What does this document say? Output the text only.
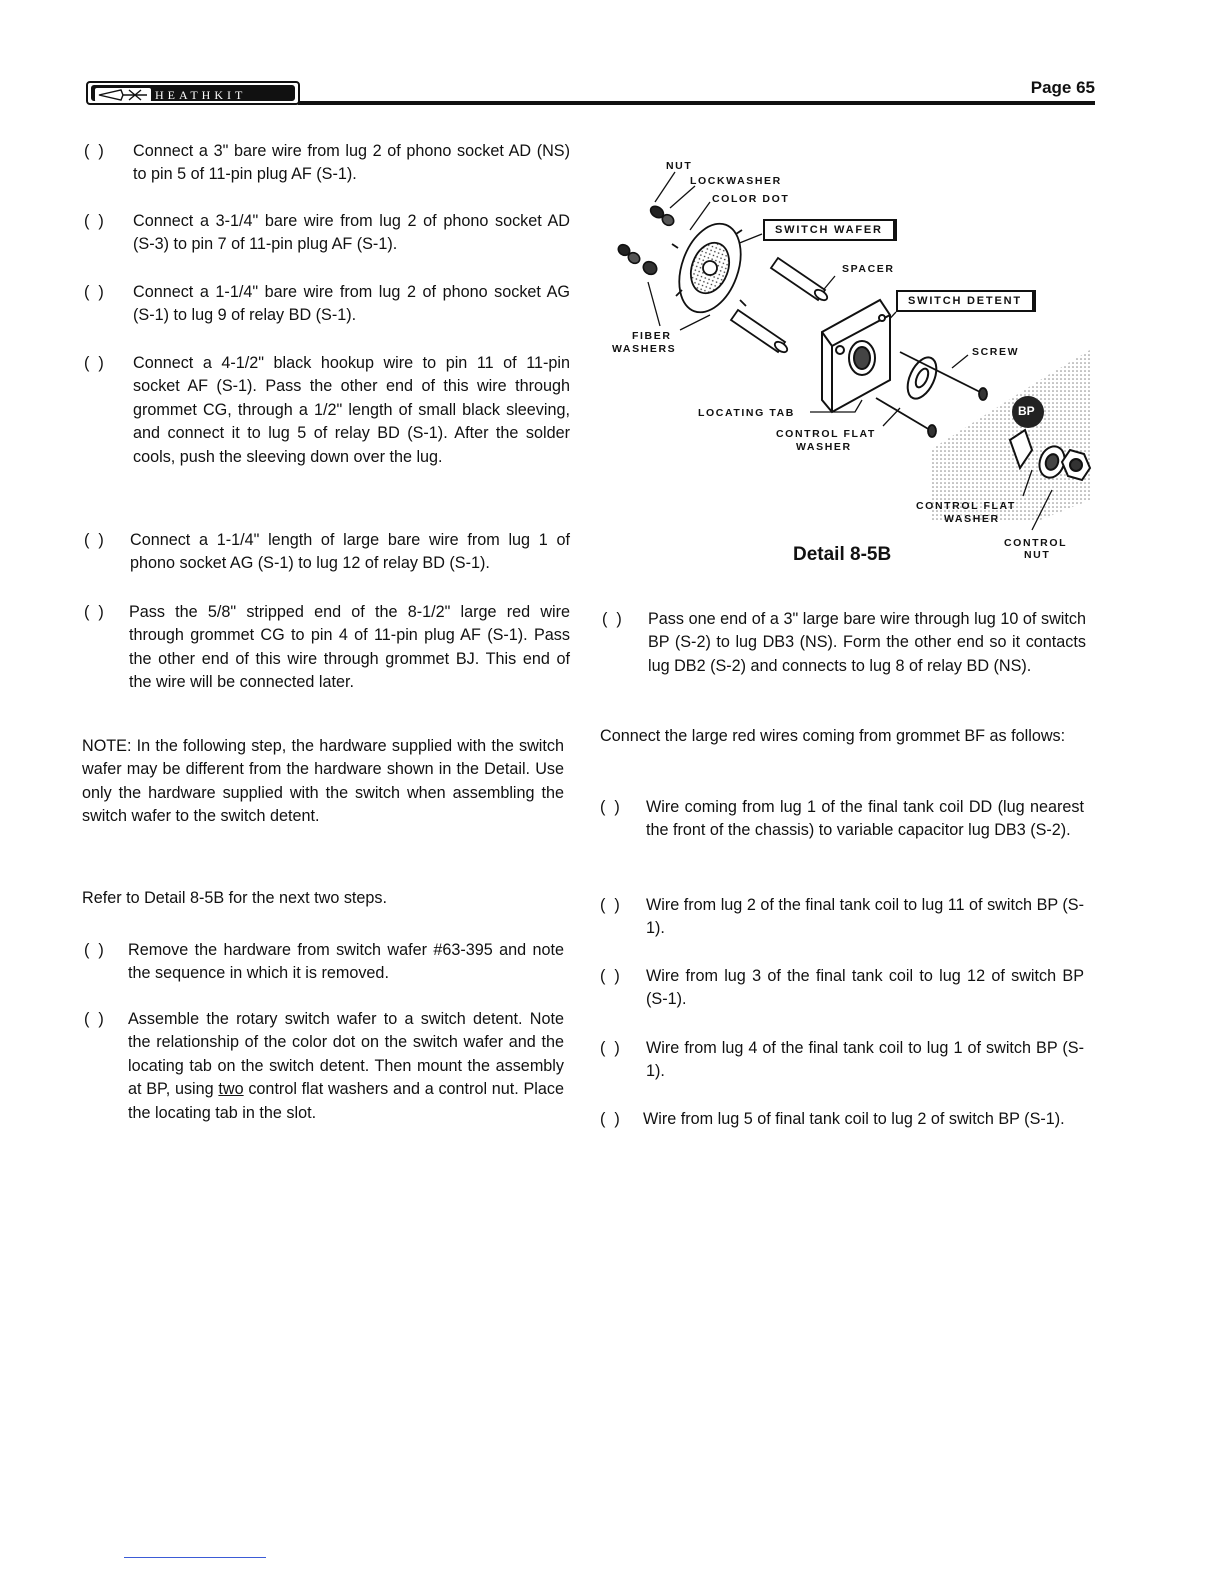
HEATHKIT	Page 65
(  )	Connect a 3" bare wire from lug 2 of phono socket AD (NS) to pin 5 of 11-pin plug AF (S-1).
(  )	Connect a 3-1/4" bare wire from lug 2 of phono socket AD (S-3) to pin 7 of 11-pin plug AF (S-1).
(  )	Connect a 1-1/4" bare wire from lug 2 of phono socket AG (S-1) to lug 9 of relay BD (S-1).
(  )	Connect a 4-1/2" black hookup wire to pin 11 of 11-pin socket AF (S-1). Pass the other end of this wire through grommet CG, through a 1/2" length of small black sleeving, and connect it to lug 5 of relay BD (S-1). After the solder cools, push the sleeving down over the lug.
(  )	Connect a 1-1/4" length of large bare wire from lug 1 of phono socket AG (S-1) to lug 12 of relay BD (S-1).
(  )	Pass the 5/8" stripped end of the 8-1/2" large red wire through grommet CG to pin 4 of 11-pin plug AF (S-1). Pass the other end of this wire through grommet BJ. This end of the wire will be connected later.
NOTE: In the following step, the hardware supplied with the switch wafer may be different from the hardware shown in the Detail. Use only the hardware supplied with the switch when assembling the switch wafer to the switch detent.
Refer to Detail 8-5B for the next two steps.
(  )	Remove the hardware from switch wafer #63-395 and note the sequence in which it is removed.
(  )	Assemble the rotary switch wafer to a switch detent. Note the relationship of the color dot on the switch wafer and the locating tab on the switch detent. Then mount the assembly at BP, using two control flat washers and a control nut. Place the locating tab in the slot.
NUT
LOCKWASHER
COLOR DOT
SWITCH WAFER
SPACER
SWITCH DETENT
FIBER
WASHERS	SCREW
LOCATING TAB
CONTROL FLAT
WASHER
BP
CONTROL FLAT
WASHER
CONTROL
NUT
Detail 8-5B
(  )	Pass one end of a 3" large bare wire through lug 10 of switch BP (S-2) to lug DB3 (NS). Form the other end so it contacts lug DB2 (S-2) and connects to lug 8 of relay BD (NS).
Connect the large red wires coming from grommet BF as follows:
(  )	Wire coming from lug 1 of the final tank coil DD (lug nearest the front of the chassis) to variable capacitor lug DB3 (S-2).
(  )	Wire from lug 2 of the final tank coil to lug 11 of switch BP (S-1).
(  )	Wire from lug 3 of the final tank coil to lug 12 of switch BP (S-1).
(  )	Wire from lug 4 of the final tank coil to lug 1 of switch BP (S-1).
(  )	Wire from lug 5 of final tank coil to lug 2 of switch BP (S-1).
